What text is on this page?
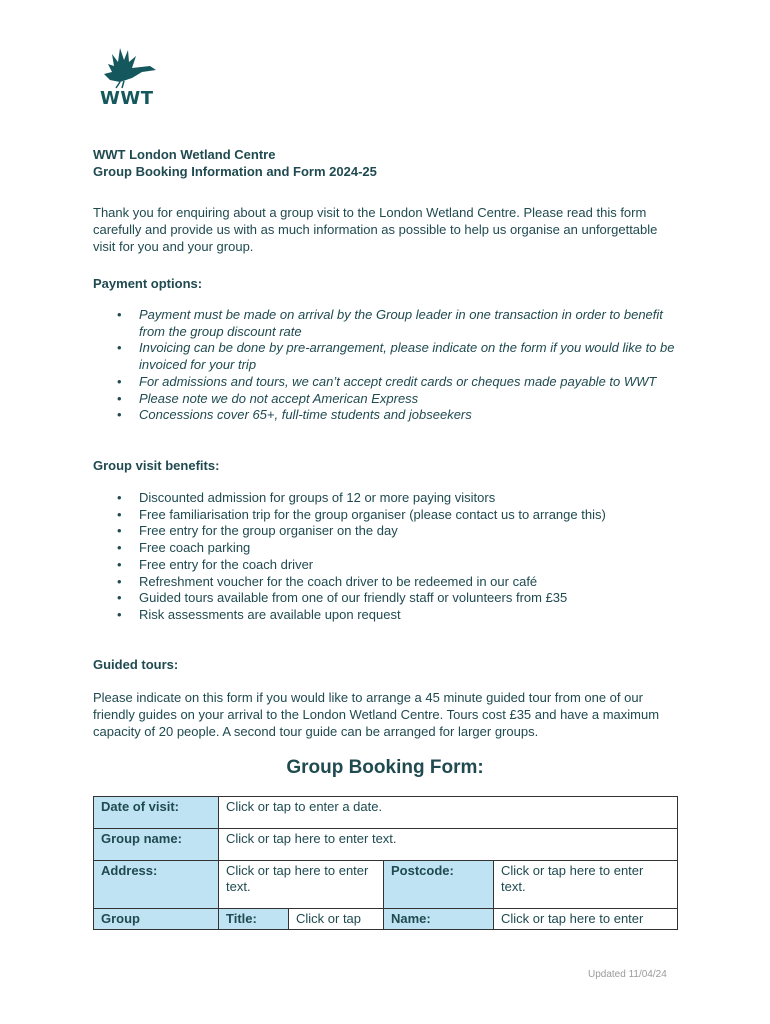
WWT
WWT London Wetland Centre
Group Booking Information and Form 2024-25
Thank you for enquiring about a group visit to the London Wetland Centre. Please read this form carefully and provide us with as much information as possible to help us organise an unforgettable visit for you and your group.
Payment options:
• Payment must be made on arrival by the Group leader in one transaction in order to benefit from the group discount rate
• Invoicing can be done by pre-arrangement, please indicate on the form if you would like to be invoiced for your trip
• For admissions and tours, we can’t accept credit cards or cheques made payable to WWT
• Please note we do not accept American Express
• Concessions cover 65+, full-time students and jobseekers
Group visit benefits:
• Discounted admission for groups of 12 or more paying visitors
• Free familiarisation trip for the group organiser (please contact us to arrange this)
• Free entry for the group organiser on the day
• Free coach parking
• Free entry for the coach driver
• Refreshment voucher for the coach driver to be redeemed in our café
• Guided tours available from one of our friendly staff or volunteers from £35
• Risk assessments are available upon request
Guided tours:
Please indicate on this form if you would like to arrange a 45 minute guided tour from one of our friendly guides on your arrival to the London Wetland Centre. Tours cost £35 and have a maximum capacity of 20 people. A second tour guide can be arranged for larger groups.
Group Booking Form:
Date of visit:	Click or tap to enter a date.			
Group name:	Click or tap here to enter text.			
Address:	Click or tap here to enter text.		Postcode:	Click or tap here to enter text.
Group	Title:	Click or tap	Name:	Click or tap here to enter
Updated 11/04/24
